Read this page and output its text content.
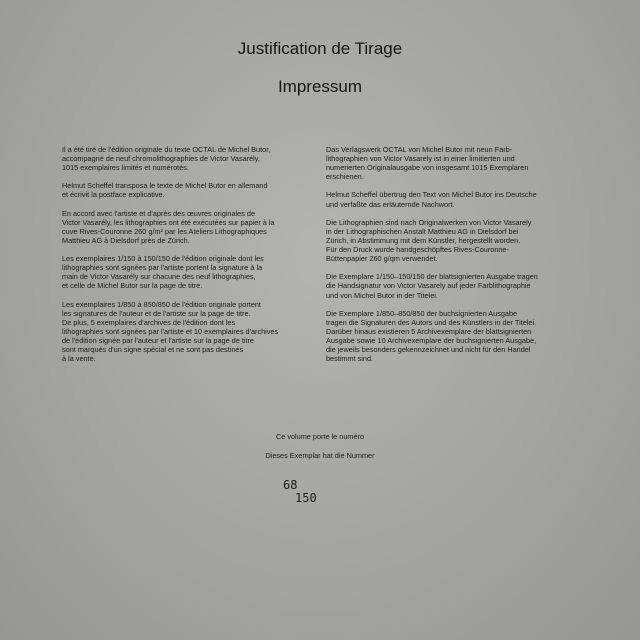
Justification de Tirage
Impressum

Il a été tiré de l'édition originale du texte OCTAL de Michel Butor,
accompagné de neuf chromolithographies de Victor Vasarély,
1015 exemplaires limités et numérotés.

Helmut Scheffel transposa le texte de Michel Butor en allemand
et écrivit la postface explicative.

En accord avec l'artiste et d'après des œuvres originales de
Victor Vasarély, les lithographies ont été exécutées sur papier à la
cuve Rives-Couronne 260 g/m² par les Ateliers Lithographiques
Matthieu AG à Dielsdorf près de Zürich.

Les exemplaires 1/150 à 150/150 de l'édition originale dont les
lithographies sont signées par l'artiste portent la signature à la
main de Victor Vasarély sur chacune des neuf lithographies,
et celle de Michel Butor sur la page de titre.

Les exemplaires 1/850 à 850/850 de l'édition originale portent
les signatures de l'auteur et de l'artiste sur la page de titre.
De plus, 5 exemplaires d'archives de l'édition dont les
lithographies sont signées par l'artiste et 10 exemplaires d'archives
de l'édition signée par l'auteur et l'artiste sur la page de titre
sont marqués d'un signe spécial et ne sont pas destinés
à la vente.

Das Verlagswerk OCTAL von Michel Butor mit neun Farb-
lithographien von Victor Vasarely ist in einer limitierten und
numerierten Originalausgabe von insgesamt 1015 Exemplaren
erschienen.

Helmut Scheffel übertrug den Text von Michel Butor ins Deutsche
und verfaßte das erläuternde Nachwort.

Die Lithographien sind nach Originalwerken von Victor Vasarely
in der Lithographischen Anstalt Matthieu AG in Dielsdorf bei
Zürich, in Abstimmung mit dem Künstler, hergestellt worden.
Für den Druck wurde handgeschöpftes Rives-Couronne-
Büttenpapier 260 g/qm verwendet.

Die Exemplare 1/150–150/150 der blattsignierten Ausgabe tragen
die Handsignatur von Victor Vasarely auf jeder Farblithographie
und von Michel Butor in der Titelei.

Die Exemplare 1/850–850/850 der buchsignierten Ausgabe
tragen die Signaturen des Autors und des Künstlers in der Titelei.
Darüber hinaus existieren 5 Archivexemplare der blattsignierten
Ausgabe sowie 10 Archivexemplare der buchsignierten Ausgabe,
die jeweils besonders gekennzeichnet und nicht für den Handel
bestimmt sind.

Ce volume porte le numéro

Dieses Exemplar hat die Nummer

68

150
